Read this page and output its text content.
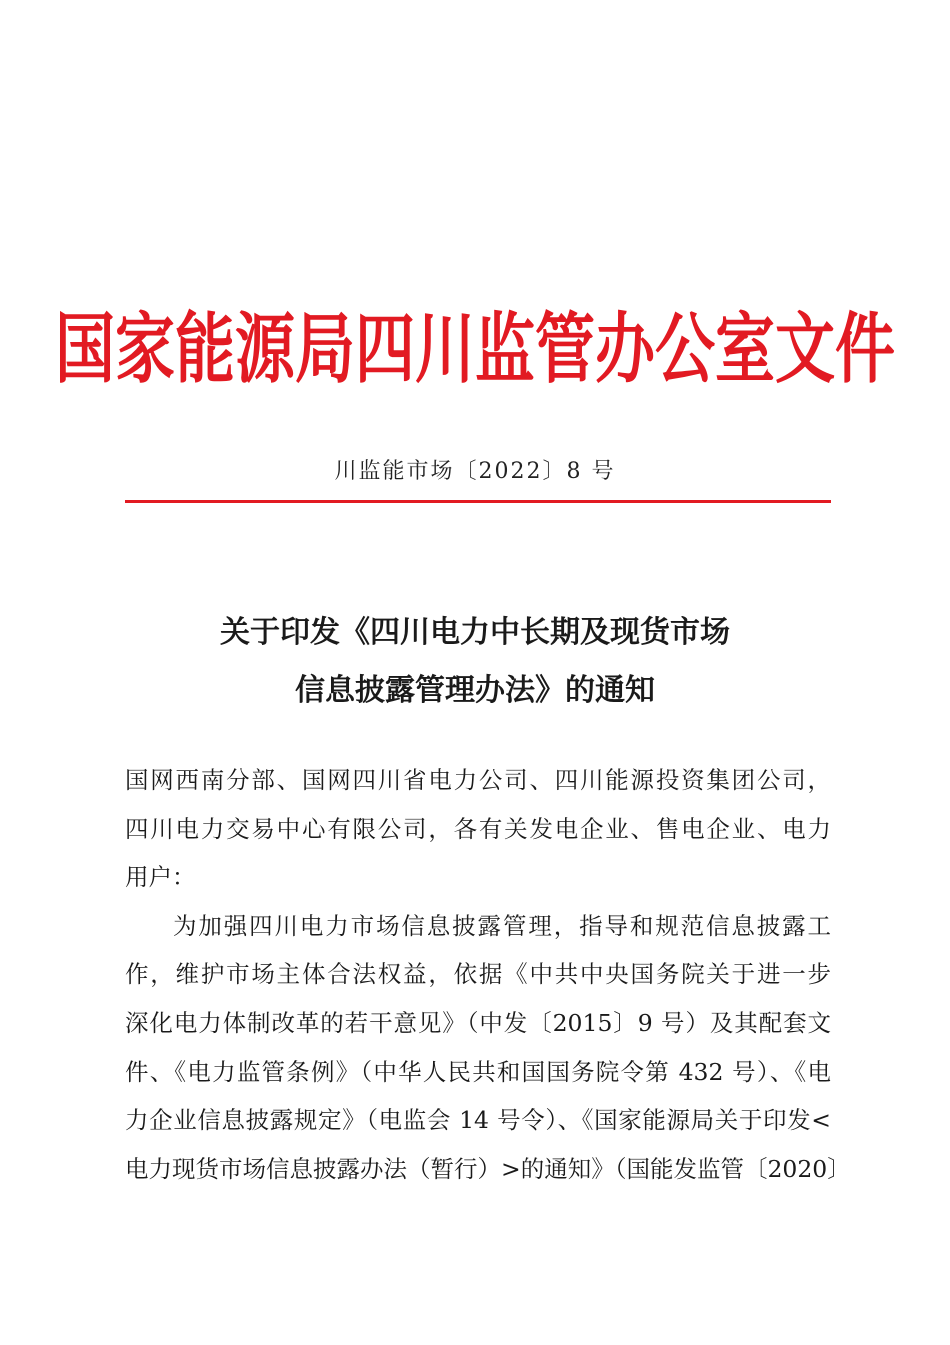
国家能源局四川监管办公室文件
川监能市场〔2022〕8 号
关于印发《四川电力中长期及现货市场
信息披露管理办法》的通知
国网西南分部、国网四川省电力公司、四川能源投资集团公司，
四川电力交易中心有限公司，各有关发电企业、售电企业、电力
用户：
为加强四川电力市场信息披露管理，指导和规范信息披露工
作，维护市场主体合法权益，依据《中共中央国务院关于进一步
深化电力体制改革的若干意见》（中发〔2015〕9 号）及其配套文
件、《电力监管条例》（中华人民共和国国务院令第 432 号）、《电
力企业信息披露规定》（电监会 14 号令）、《国家能源局关于印发<
电力现货市场信息披露办法（暂行）>的通知》（国能发监管〔2020〕
